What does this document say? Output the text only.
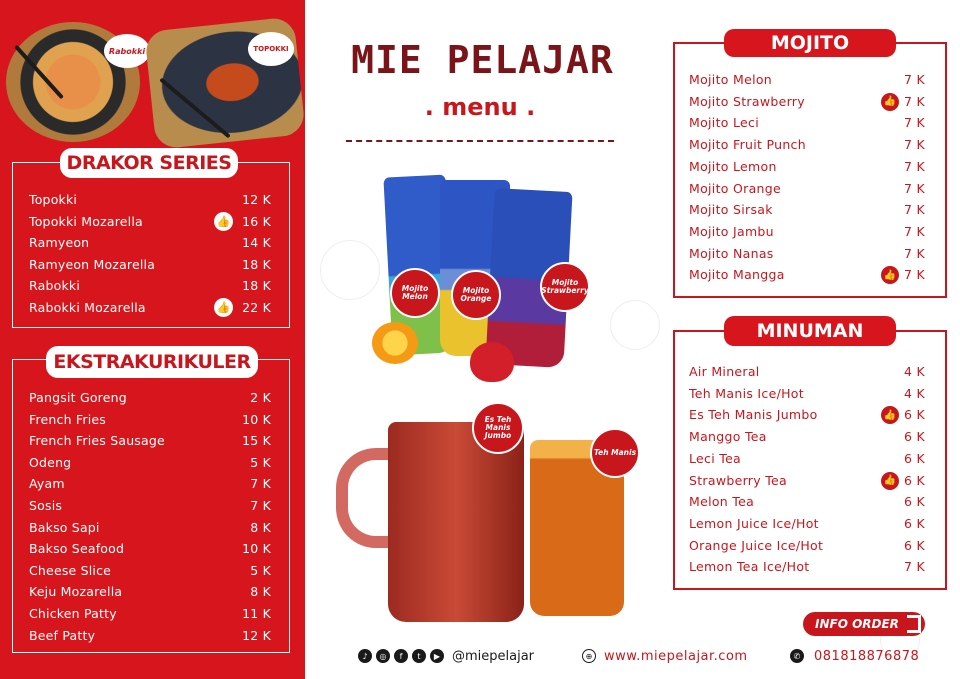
Rabokki	TOPOKKI
Topokki	12 K
Topokki Mozarella	16 K
👍
Ramyeon	14 K
Ramyeon Mozarella	18 K
Rabokki	18 K
Rabokki Mozarella	22 K
👍
DRAKOR SERIES
Pangsit Goreng	2 K
French Fries	10 K
French Fries Sausage	15 K
Odeng	5 K
Ayam	7 K
Sosis	7 K
Bakso Sapi	8 K
Bakso Seafood	10 K
Cheese Slice	5 K
Keju Mozarella	8 K
Chicken Patty	11 K
Beef Patty	12 K
EKSTRAKURIKULER
MIE PELAJAR
. menu .
Mojito Melon
Mojito Orange
Mojito Strawberry
Es Teh Manis Jumbo
Teh Manis
Mojito Melon	7 K
Mojito Strawberry	7 K
👍
Mojito Leci	7 K
Mojito Fruit Punch	7 K
Mojito Lemon	7 K
Mojito Orange	7 K
Mojito Sirsak	7 K
Mojito Jambu	7 K
Mojito Nanas	7 K
Mojito Mangga	7 K
👍
MOJITO
Air Mineral	4 K
Teh Manis Ice/Hot	4 K
Es Teh Manis Jumbo	6 K
👍
Manggo Tea	6 K
Leci Tea	6 K
Strawberry Tea	6 K
👍
Melon Tea	6 K
Lemon Juice Ice/Hot	6 K
Orange Juice Ice/Hot	6 K
Lemon Tea Ice/Hot	7 K
MINUMAN
INFO ORDER
♪	◎	f	t	▶ @miepelajar	⊕ www.miepelajar.com	✆ 081818876878
